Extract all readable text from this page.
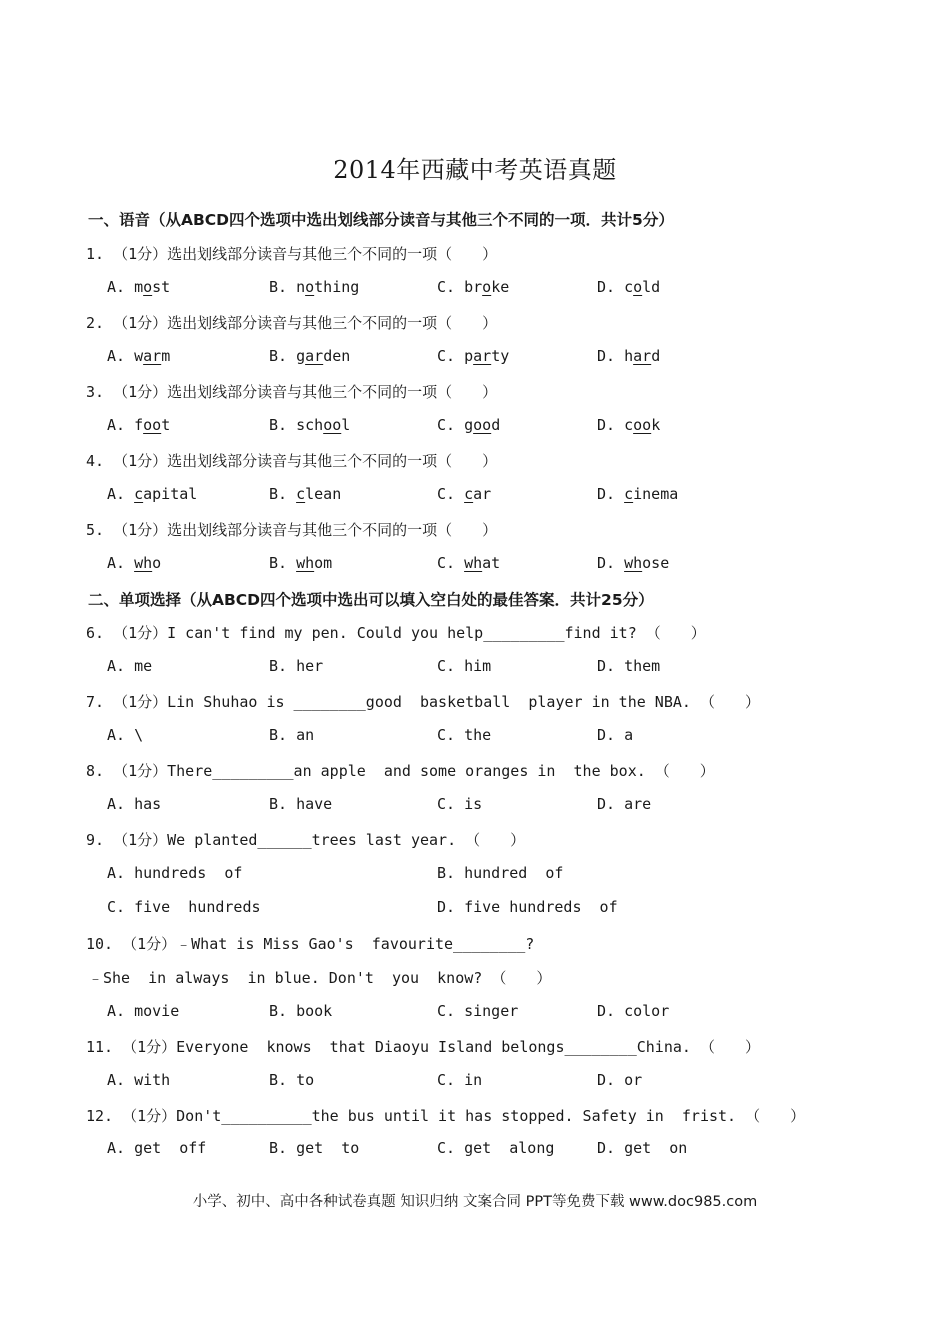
2014年西藏中考英语真题
一、语音（从ABCD四个选项中选出划线部分读音与其他三个不同的一项．共计5分）
1. （1分）选出划线部分读音与其他三个不同的一项（　　）
A. most	B. nothing	C. broke	D. cold
2. （1分）选出划线部分读音与其他三个不同的一项（　　）
A. warm	B. garden	C. party	D. hard
3. （1分）选出划线部分读音与其他三个不同的一项（　　）
A. foot	B. school	C. good	D. cook
4. （1分）选出划线部分读音与其他三个不同的一项（　　）
A. capital	B. clean	C. car	D. cinema
5. （1分）选出划线部分读音与其他三个不同的一项（　　）
A. who	B. whom	C. what	D. whose
二、单项选择（从ABCD四个选项中选出可以填入空白处的最佳答案．共计25分）
6. （1分）I can't find my pen. Could you help_________find it? （　　）
A. me	B. her	C. him	D. them
7. （1分）Lin Shuhao is ________good  basketball  player in the NBA. （　　）
A. \	B. an	C. the	D. a
8. （1分）There_________an apple  and some oranges in  the box. （　　）
A. has	B. have	C. is	D. are
9. （1分）We planted______trees last year. （　　）
A. hundreds  of	B. hundred  of
C. five  hundreds	D. five hundreds  of
10. （1分）﹣What is Miss Gao's  favourite________?
﹣She  in always  in blue. Don't  you  know? （　　）
A. movie	B. book	C. singer	D. color
11. （1分）Everyone  knows  that Diaoyu Island belongs________China. （　　）
A. with	B. to	C. in	D. or
12. （1分）Don't__________the bus until it has stopped. Safety in  frist. （　　）
A. get  off	B. get  to	C. get  along	D. get  on
小学、初中、高中各种试卷真题 知识归纳 文案合同 PPT等免费下载 www.doc985.com
